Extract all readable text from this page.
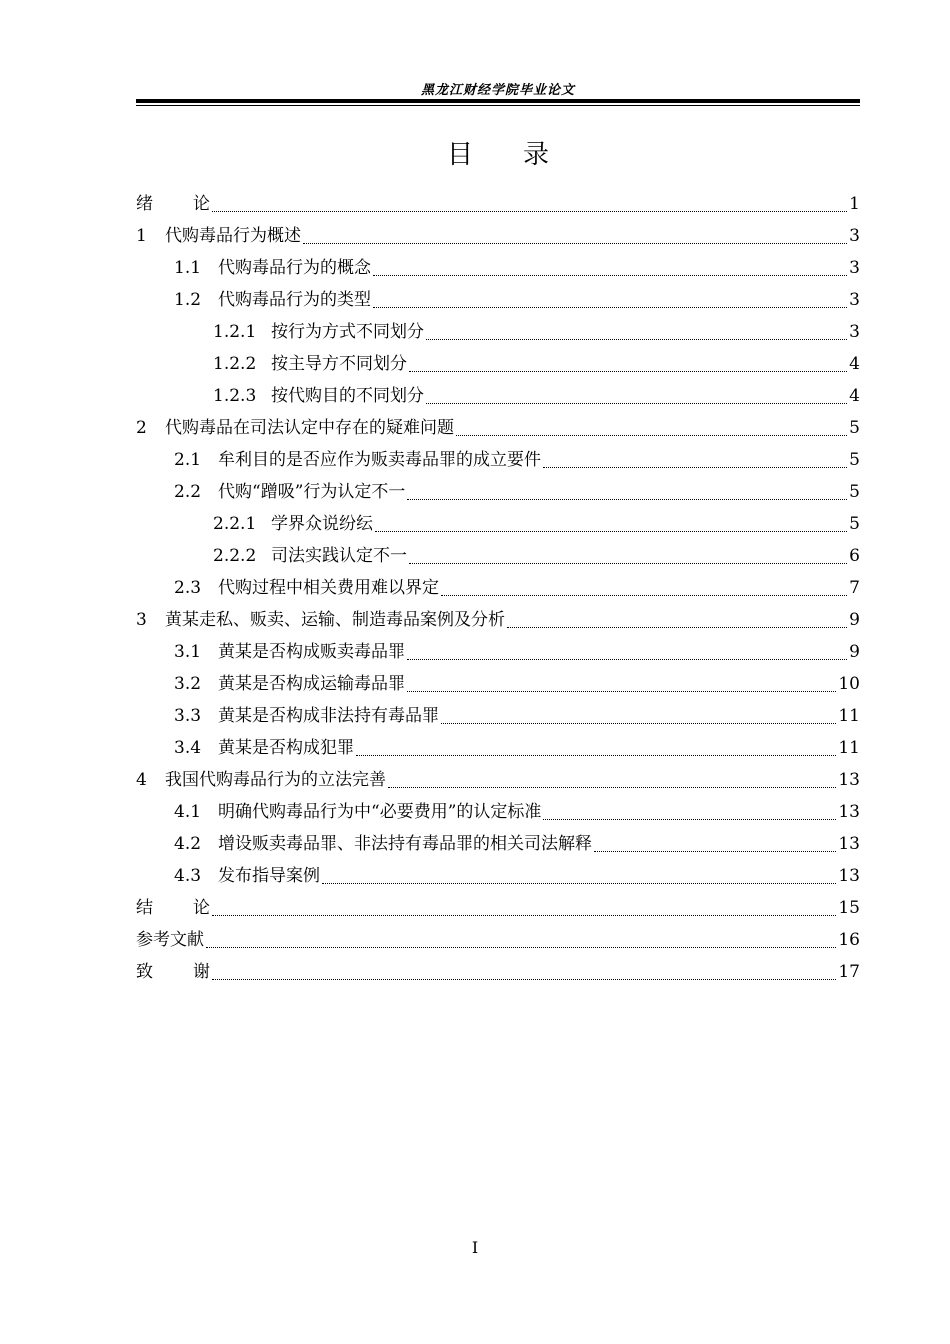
黑龙江财经学院毕业论文
目 录
绪论	1
1	代购毒品行为概述	3
1.1 代购毒品行为的概念	3
1.2 代购毒品行为的类型	3
1.2.1 按行为方式不同划分	3
1.2.2 按主导方不同划分	4
1.2.3 按代购目的不同划分	4
2	代购毒品在司法认定中存在的疑难问题	5
2.1 牟利目的是否应作为贩卖毒品罪的成立要件	5
2.2 代购“蹭吸”行为认定不一	5
2.2.1 学界众说纷纭	5
2.2.2 司法实践认定不一	6
2.3 代购过程中相关费用难以界定	7
3	黄某走私、贩卖、运输、制造毒品案例及分析	9
3.1 黄某是否构成贩卖毒品罪	9
3.2 黄某是否构成运输毒品罪	10
3.3 黄某是否构成非法持有毒品罪	11
3.4 黄某是否构成犯罪	11
4	我国代购毒品行为的立法完善	13
4.1 明确代购毒品行为中“必要费用”的认定标准	13
4.2 增设贩卖毒品罪、非法持有毒品罪的相关司法解释	13
4.3 发布指导案例	13
结论	15
参考文献	16
致谢	17
I
